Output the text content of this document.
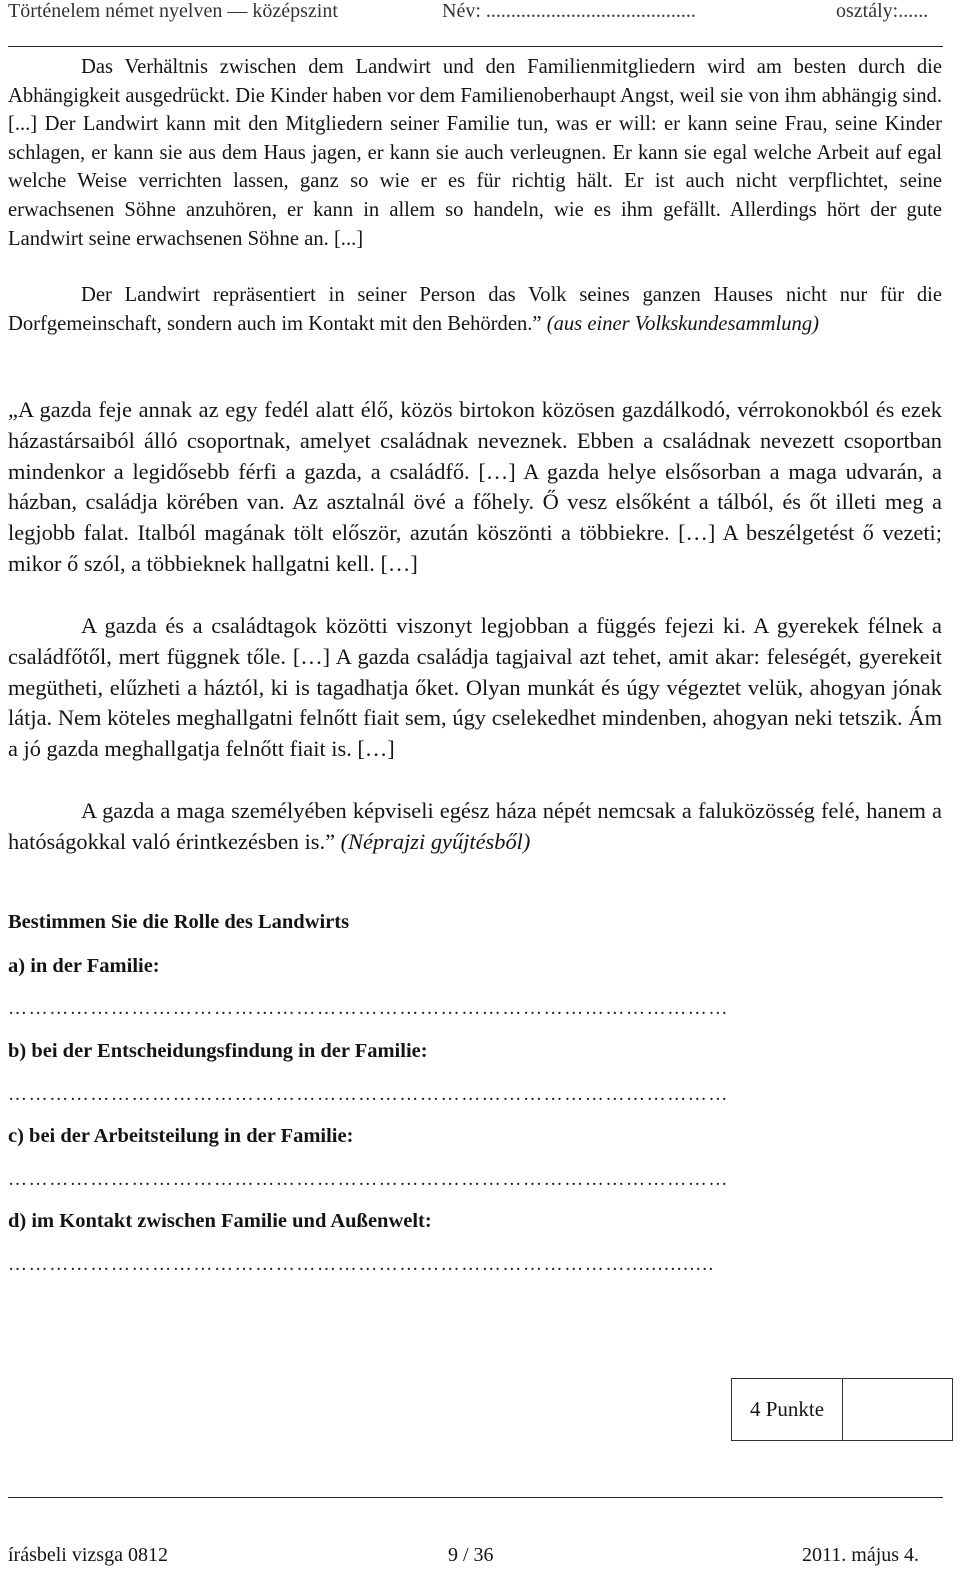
Történelem német nyelven — középszint	Név: ..........................................	osztály:......

Das Verhältnis zwischen dem Landwirt und den Familienmitgliedern wird am besten durch die Abhängigkeit ausgedrückt. Die Kinder haben vor dem Familienoberhaupt Angst, weil sie von ihm abhängig sind. [...] Der Landwirt kann mit den Mitgliedern seiner Familie tun, was er will: er kann seine Frau, seine Kinder schlagen, er kann sie aus dem Haus jagen, er kann sie auch verleugnen. Er kann sie egal welche Arbeit auf egal welche Weise verrichten lassen, ganz so wie er es für richtig hält. Er ist auch nicht verpflichtet, seine erwachsenen Söhne anzuhören, er kann in allem so handeln, wie es ihm gefällt. Allerdings hört der gute Landwirt seine erwachsenen Söhne an. [...]

Der Landwirt repräsentiert in seiner Person das Volk seines ganzen Hauses nicht nur für die Dorfgemeinschaft, sondern auch im Kontakt mit den Behörden.” (aus einer Volkskundesammlung)

„A gazda feje annak az egy fedél alatt élő, közös birtokon közösen gazdálkodó, vérrokonokból és ezek házastársaiból álló csoportnak, amelyet családnak neveznek. Ebben a családnak nevezett csoportban mindenkor a legidősebb férfi a gazda, a családfő. […] A gazda helye elsősorban a maga udvarán, a házban, családja körében van. Az asztalnál övé a főhely. Ő vesz elsőként a tálból, és őt illeti meg a legjobb falat. Italból magának tölt először, azután köszönti a többiekre. […] A beszélgetést ő vezeti; mikor ő szól, a többieknek hallgatni kell. […]

A gazda és a családtagok közötti viszonyt legjobban a függés fejezi ki. A gyerekek félnek a családfőtől, mert függnek tőle. […] A gazda családja tagjaival azt tehet, amit akar: feleségét, gyerekeit megütheti, elűzheti a háztól, ki is tagadhatja őket. Olyan munkát és úgy végeztet velük, ahogyan jónak látja. Nem köteles meghallgatni felnőtt fiait sem, úgy cselekedhet mindenben, ahogyan neki tetszik. Ám a jó gazda meghallgatja felnőtt fiait is. […]

A gazda a maga személyében képviseli egész háza népét nemcsak a faluközösség felé, hanem a hatóságokkal való érintkezésben is.” (Néprajzi gyűjtésből)

Bestimmen Sie die Rolle des Landwirts
a) in der Familie:
……………………………………………………………………………………………
b) bei der Entscheidungsfindung in der Familie:
……………………………………………………………………………………………
c) bei der Arbeitsteilung in der Familie:
……………………………………………………………………………………………
d) im Kontakt zwischen Familie und Außenwelt:
………………………………………………………………………………..............
4 Punkte
írásbeli vizsga 0812	9 / 36	2011. május 4.
